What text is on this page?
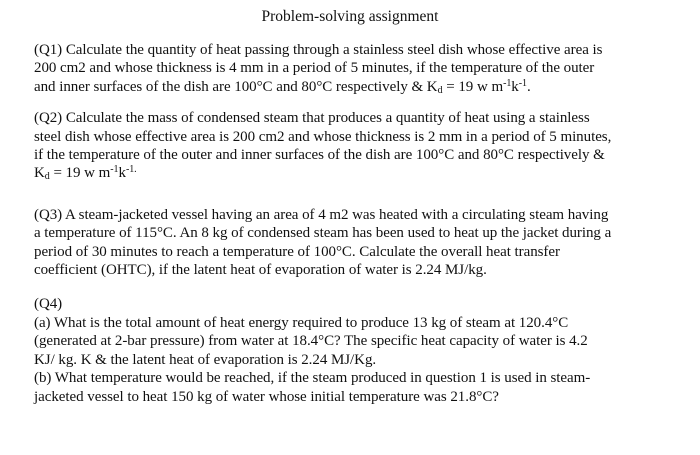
Problem-solving assignment
(Q1) Calculate the quantity of heat passing through a stainless steel dish whose effective area is
200 cm2 and whose thickness is 4 mm in a period of 5 minutes, if the temperature of the outer
and inner surfaces of the dish are 100°C and 80°C respectively & $K_d = 19$ w $m^{-1}k^{-1}$.
(Q2) Calculate the mass of condensed steam that produces a quantity of heat using a stainless
steel dish whose effective area is 200 cm2 and whose thickness is 2 mm in a period of 5 minutes,
if the temperature of the outer and inner surfaces of the dish are 100°C and 80°C respectively &
$K_d = 19$ w $m^{-1}k^{-1.}$
(Q3) A steam-jacketed vessel having an area of 4 m2 was heated with a circulating steam having
a temperature of 115°C. An 8 kg of condensed steam has been used to heat up the jacket during a
period of 30 minutes to reach a temperature of 100°C. Calculate the overall heat transfer
coefficient (OHTC), if the latent heat of evaporation of water is 2.24 MJ/kg.
(Q4)
(a) What is the total amount of heat energy required to produce 13 kg of steam at 120.4°C
(generated at 2-bar pressure) from water at 18.4°C? The specific heat capacity of water is 4.2
KJ/ kg. K & the latent heat of evaporation is 2.24 MJ/Kg.
(b) What temperature would be reached, if the steam produced in question 1 is used in steam-
jacketed vessel to heat 150 kg of water whose initial temperature was 21.8°C?
